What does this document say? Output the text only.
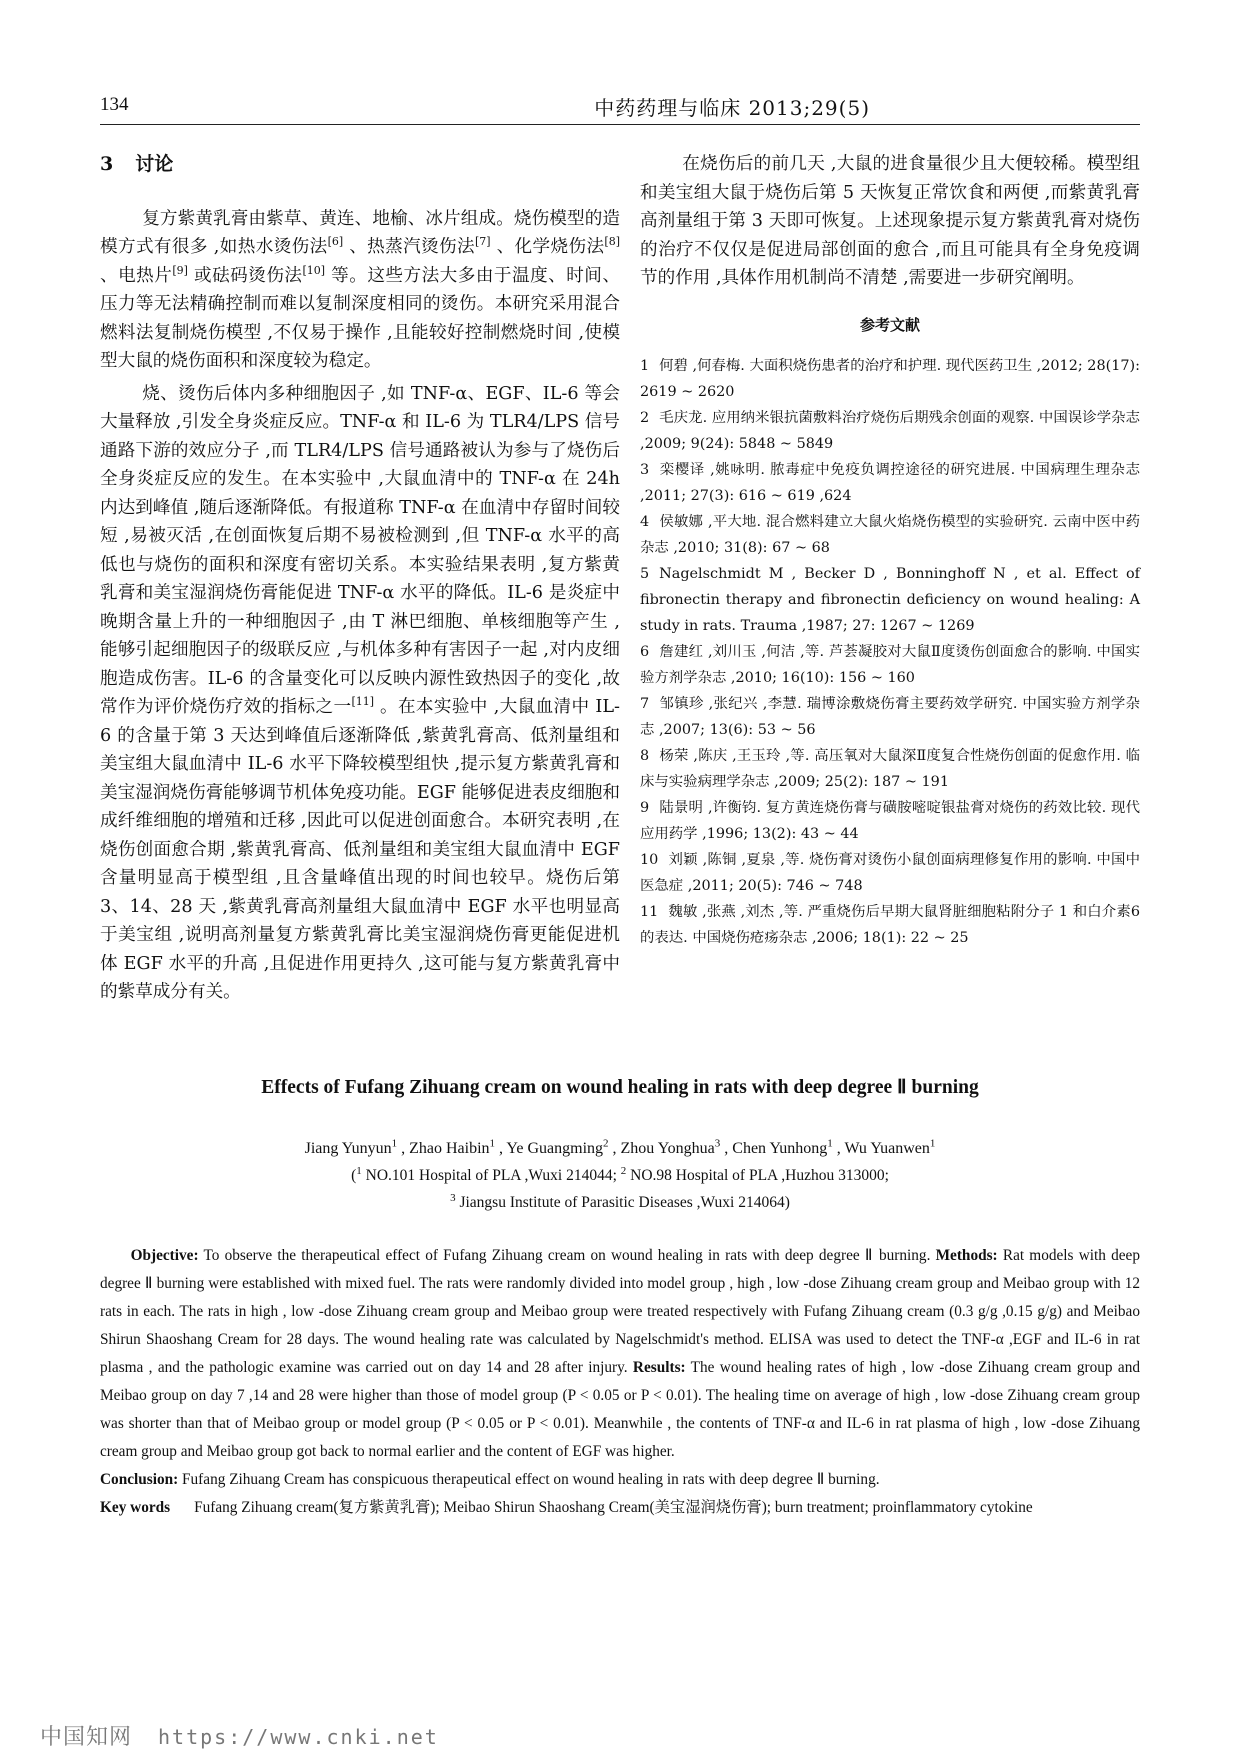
134	中药药理与临床 2013;29(5)
3 讨论

复方紫黄乳膏由紫草、黄连、地榆、冰片组成。烧伤模型的造模方式有很多 ,如热水烫伤法[6] 、热蒸汽烫伤法[7] 、化学烧伤法[8] 、电热片[9] 或砝码烫伤法[10] 等。这些方法大多由于温度、时间、压力等无法精确控制而难以复制深度相同的烫伤。本研究采用混合燃料法复制烧伤模型 ,不仅易于操作 ,且能较好控制燃烧时间 ,使模型大鼠的烧伤面积和深度较为稳定。

烧、烫伤后体内多种细胞因子 ,如 TNF-α、EGF、IL-6 等会大量释放 ,引发全身炎症反应。TNF-α 和 IL-6 为 TLR4/LPS 信号通路下游的效应分子 ,而 TLR4/LPS 信号通路被认为参与了烧伤后全身炎症反应的发生。在本实验中 ,大鼠血清中的 TNF-α 在 24h 内达到峰值 ,随后逐渐降低。有报道称 TNF-α 在血清中存留时间较短 ,易被灭活 ,在创面恢复后期不易被检测到 ,但 TNF-α 水平的高低也与烧伤的面积和深度有密切关系。本实验结果表明 ,复方紫黄乳膏和美宝湿润烧伤膏能促进 TNF-α 水平的降低。IL-6 是炎症中晚期含量上升的一种细胞因子 ,由 T 淋巴细胞、单核细胞等产生 ,能够引起细胞因子的级联反应 ,与机体多种有害因子一起 ,对内皮细胞造成伤害。IL-6 的含量变化可以反映内源性致热因子的变化 ,故常作为评价烧伤疗效的指标之一[11] 。在本实验中 ,大鼠血清中 IL-6 的含量于第 3 天达到峰值后逐渐降低 ,紫黄乳膏高、低剂量组和美宝组大鼠血清中 IL-6 水平下降较模型组快 ,提示复方紫黄乳膏和美宝湿润烧伤膏能够调节机体免疫功能。EGF 能够促进表皮细胞和成纤维细胞的增殖和迁移 ,因此可以促进创面愈合。本研究表明 ,在烧伤创面愈合期 ,紫黄乳膏高、低剂量组和美宝组大鼠血清中 EGF 含量明显高于模型组 ,且含量峰值出现的时间也较早。烧伤后第 3、14、28 天 ,紫黄乳膏高剂量组大鼠血清中 EGF 水平也明显高于美宝组 ,说明高剂量复方紫黄乳膏比美宝湿润烧伤膏更能促进机体 EGF 水平的升高 ,且促进作用更持久 ,这可能与复方紫黄乳膏中的紫草成分有关。

在烧伤后的前几天 ,大鼠的进食量很少且大便较稀。模型组和美宝组大鼠于烧伤后第 5 天恢复正常饮食和两便 ,而紫黄乳膏高剂量组于第 3 天即可恢复。上述现象提示复方紫黄乳膏对烧伤的治疗不仅仅是促进局部创面的愈合 ,而且可能具有全身免疫调节的作用 ,具体作用机制尚不清楚 ,需要进一步研究阐明。

参考文献

1 何碧 ,何春梅. 大面积烧伤患者的治疗和护理. 现代医药卫生 ,2012; 28(17): 2619 ~ 2620

2 毛庆龙. 应用纳米银抗菌敷料治疗烧伤后期残余创面的观察. 中国误诊学杂志 ,2009; 9(24): 5848 ~ 5849

3 栾樱译 ,姚咏明. 脓毒症中免疫负调控途径的研究进展. 中国病理生理杂志 ,2011; 27(3): 616 ~ 619 ,624

4 侯敏娜 ,平大地. 混合燃料建立大鼠火焰烧伤模型的实验研究. 云南中医中药杂志 ,2010; 31(8): 67 ~ 68

5 Nagelschmidt M , Becker D , Bonninghoff N , et al. Effect of fibronectin therapy and fibronectin deficiency on wound healing: A study in rats. Trauma ,1987; 27: 1267 ~ 1269

6 詹建红 ,刘川玉 ,何洁 ,等. 芦荟凝胶对大鼠Ⅱ度烫伤创面愈合的影响. 中国实验方剂学杂志 ,2010; 16(10): 156 ~ 160

7 邹镇珍 ,张纪兴 ,李慧. 瑞博涂敷烧伤膏主要药效学研究. 中国实验方剂学杂志 ,2007; 13(6): 53 ~ 56

8 杨荣 ,陈庆 ,王玉玲 ,等. 高压氧对大鼠深Ⅱ度复合性烧伤创面的促愈作用. 临床与实验病理学杂志 ,2009; 25(2): 187 ~ 191

9 陆景明 ,许衡钧. 复方黄连烧伤膏与磺胺嘧啶银盐膏对烧伤的药效比较. 现代应用药学 ,1996; 13(2): 43 ~ 44

10 刘颖 ,陈铜 ,夏泉 ,等. 烧伤膏对烫伤小鼠创面病理修复作用的影响. 中国中医急症 ,2011; 20(5): 746 ~ 748

11 魏敏 ,张燕 ,刘杰 ,等. 严重烧伤后早期大鼠肾脏细胞粘附分子 1 和白介素6 的表达. 中国烧伤疮疡杂志 ,2006; 18(1): 22 ~ 25

Effects of Fufang Zihuang cream on wound healing in rats with deep degree Ⅱ burning

Jiang Yunyun$^1$ , Zhao Haibin$^1$ , Ye Guangming$^2$ , Zhou Yonghua$^3$ , Chen Yunhong$^1$ , Wu Yuanwen$^1$

($^1$ NO.101 Hospital of PLA ,Wuxi 214044; $^2$ NO.98 Hospital of PLA ,Huzhou 313000;

$^3$ Jiangsu Institute of Parasitic Diseases ,Wuxi 214064)

Objective: To observe the therapeutical effect of Fufang Zihuang cream on wound healing in rats with deep degree Ⅱ burning. Methods: Rat models with deep degree Ⅱ burning were established with mixed fuel. The rats were randomly divided into model group , high , low -dose Zihuang cream group and Meibao group with 12 rats in each. The rats in high , low -dose Zihuang cream group and Meibao group were treated respectively with Fufang Zihuang cream (0.3 g/g ,0.15 g/g) and Meibao Shirun Shaoshang Cream for 28 days. The wound healing rate was calculated by Nagelschmidt's method. ELISA was used to detect the TNF-α ,EGF and IL-6 in rat plasma , and the pathologic examine was carried out on day 14 and 28 after injury. Results: The wound healing rates of high , low -dose Zihuang cream group and Meibao group on day 7 ,14 and 28 were higher than those of model group (P < 0.05 or P < 0.01). The healing time on average of high , low -dose Zihuang cream group was shorter than that of Meibao group or model group (P < 0.05 or P < 0.01). Meanwhile , the contents of TNF-α and IL-6 in rat plasma of high , low -dose Zihuang cream group and Meibao group got back to normal earlier and the content of EGF was higher.

Conclusion: Fufang Zihuang Cream has conspicuous therapeutical effect on wound healing in rats with deep degree Ⅱ burning.

Key words Fufang Zihuang cream(复方紫黄乳膏); Meibao Shirun Shaoshang Cream(美宝湿润烧伤膏); burn treatment; proinflammatory cytokine

中国知网 https://www.cnki.net
